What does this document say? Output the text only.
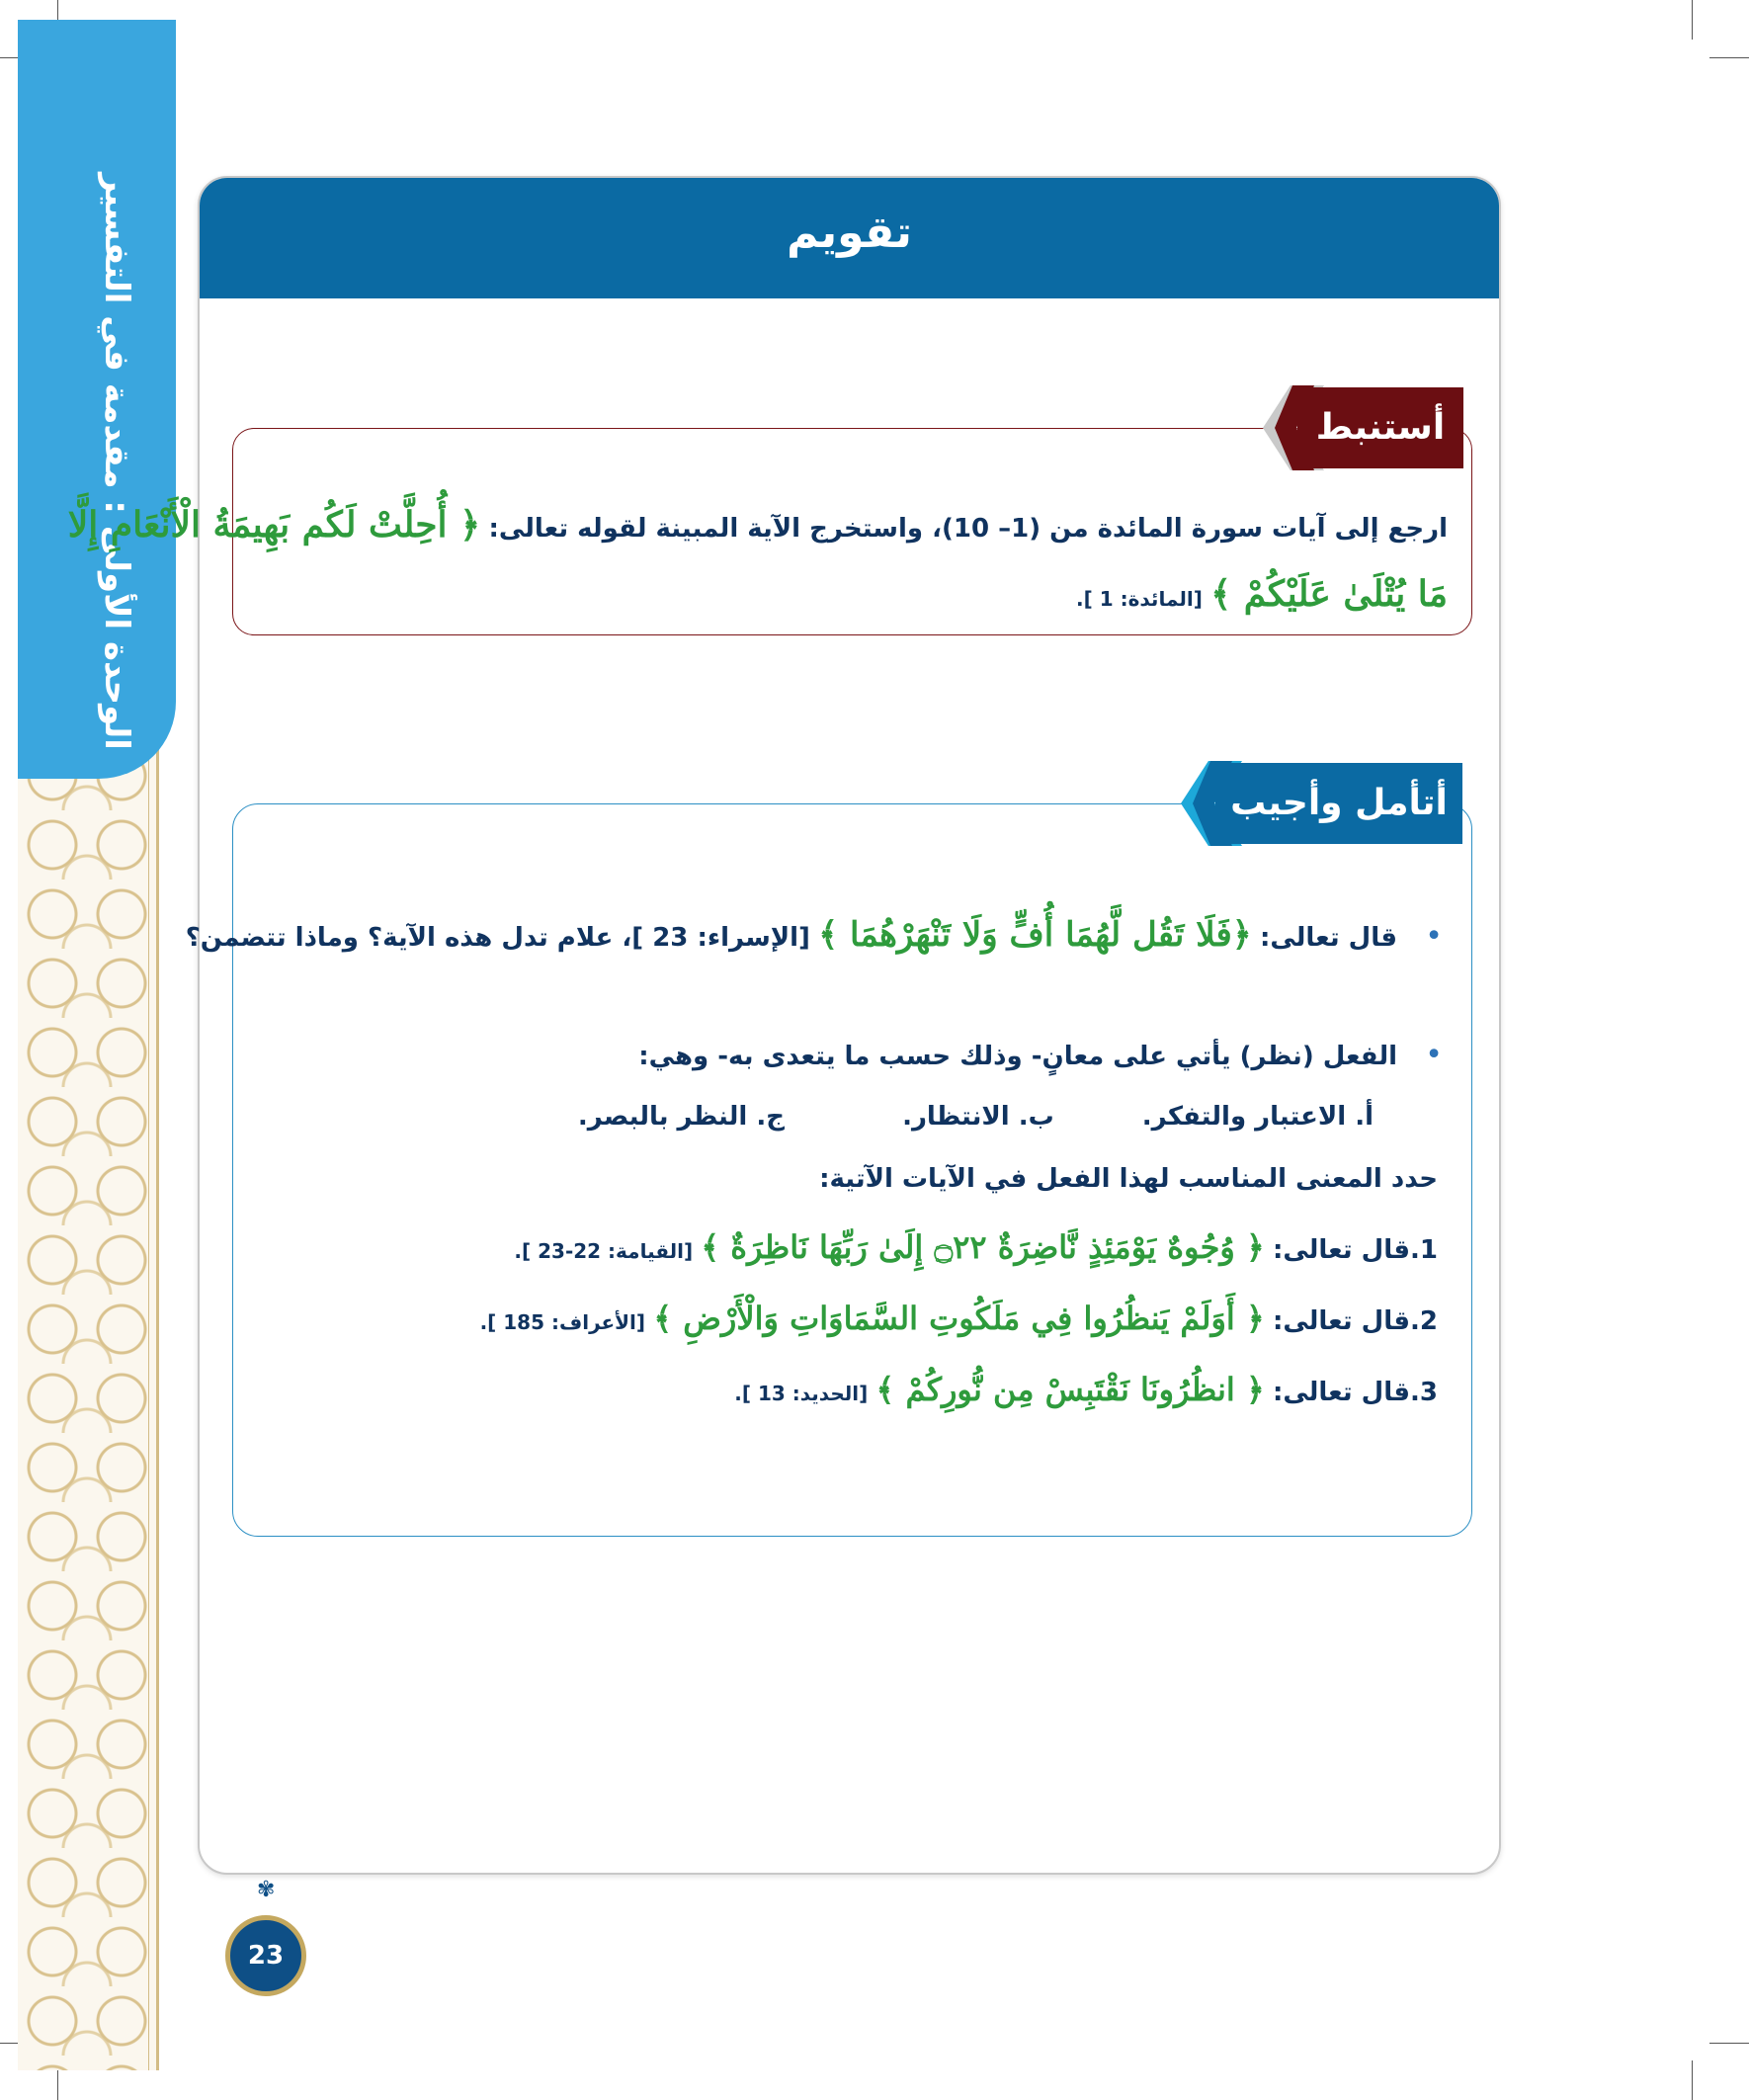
الوحدة الأولى : مقدمة في التفسير	تقويم
أستنبط
ارجع إلى آيات سورة المائدة من (1– 10)، واستخرج الآية المبينة لقوله تعالى: ﴿ أُحِلَّتْ لَكُم بَهِيمَةُ الْأَنْعَامِ إِلَّا
مَا يُتْلَىٰ عَلَيْكُمْ ﴾ [المائدة: 1 ].
أتأمل وأجيب
• قال تعالى: ﴿فَلَا تَقُل لَّهُمَا أُفٍّ وَلَا تَنْهَرْهُمَا ﴾ [الإسراء: 23 ]، علام تدل هذه الآية؟ وماذا تتضمن؟
• الفعل (نظر) يأتي على معانٍ- وذلك حسب ما يتعدى به- وهي:
أ. الاعتبار والتفكر. ب. الانتظار. ج. النظر بالبصر.
حدد المعنى المناسب لهذا الفعل في الآيات الآتية:
1.قال تعالى: ﴿ وُجُوهٌ يَوْمَئِذٍ نَّاضِرَةٌ ۝٢٢ إِلَىٰ رَبِّهَا نَاظِرَةٌ ﴾ [القيامة: 22-23 ].
2.قال تعالى: ﴿ أَوَلَمْ يَنظُرُوا فِي مَلَكُوتِ السَّمَاوَاتِ وَالْأَرْضِ ﴾ [الأعراف: 185 ].
3.قال تعالى: ﴿ انظُرُونَا نَقْتَبِسْ مِن نُّورِكُمْ ﴾ [الحديد: 13 ].
✾
23
